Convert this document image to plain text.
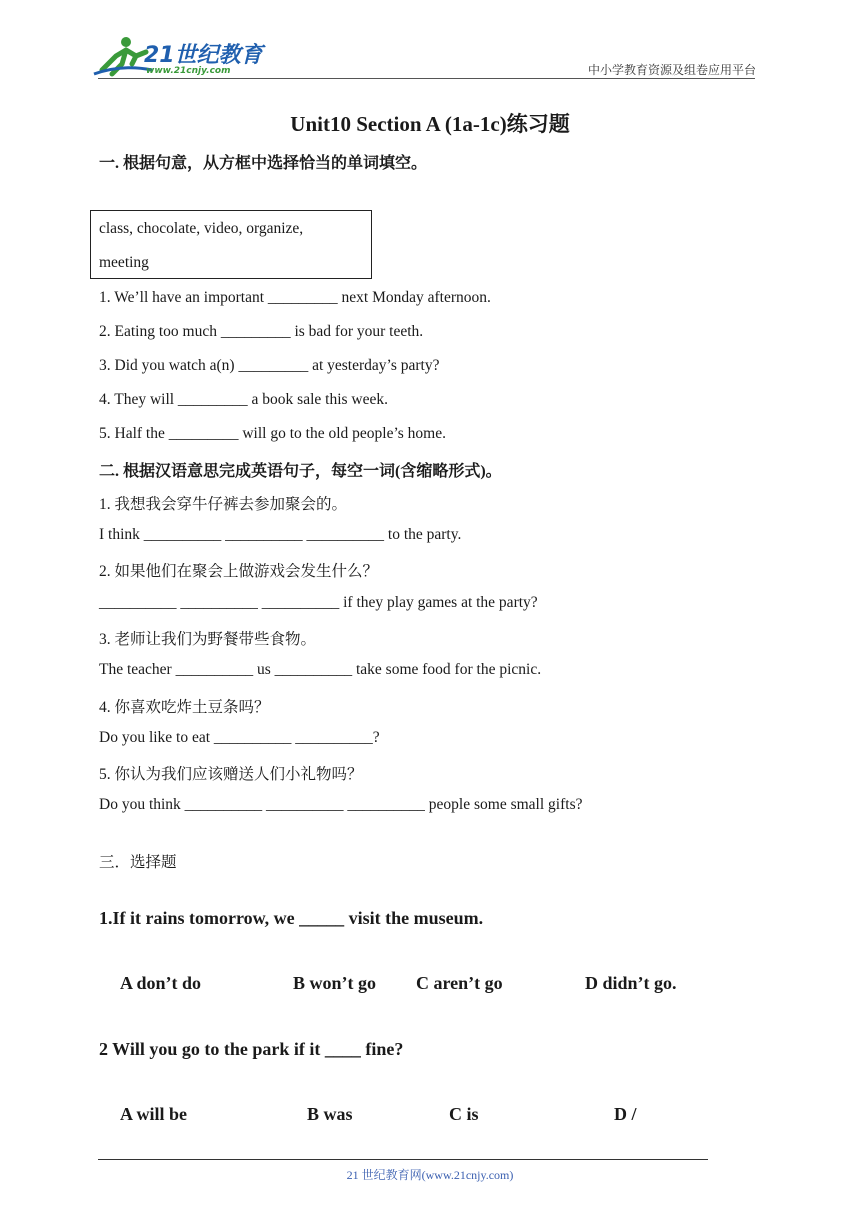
21世纪教育
www.21cnjy.com	中小学教育资源及组卷应用平台
Unit10 Section A (1a-1c)练习题
一. 根据句意，从方框中选择恰当的单词填空。
class, chocolate, video, organize,
meeting
1. We’ll have an important _________ next Monday afternoon.
2. Eating too much _________ is bad for your teeth.
3. Did you watch a(n) _________ at yesterday’s party?
4. They will _________ a book sale this week.
5. Half the _________ will go to the old people’s home.
二. 根据汉语意思完成英语句子，每空一词(含缩略形式)。
1. 我想我会穿牛仔裤去参加聚会的。
I think __________ __________ __________ to the party.
2. 如果他们在聚会上做游戏会发生什么？
__________ __________ __________ if they play games at the party?
3. 老师让我们为野餐带些食物。
The teacher __________ us __________ take some food for the picnic.
4. 你喜欢吃炸土豆条吗？
Do you like to eat __________ __________?
5. 你认为我们应该赠送人们小礼物吗？
Do you think __________ __________ __________ people some small gifts?
三．选择题
1.If it rains tomorrow, we _____ visit the museum.
A don’t do	B won’t go C aren’t go	D didn’t go.
2 Will you go to the park if it ____ fine?
A will be	B was	C is	D /
21 世纪教育网(www.21cnjy.com)
